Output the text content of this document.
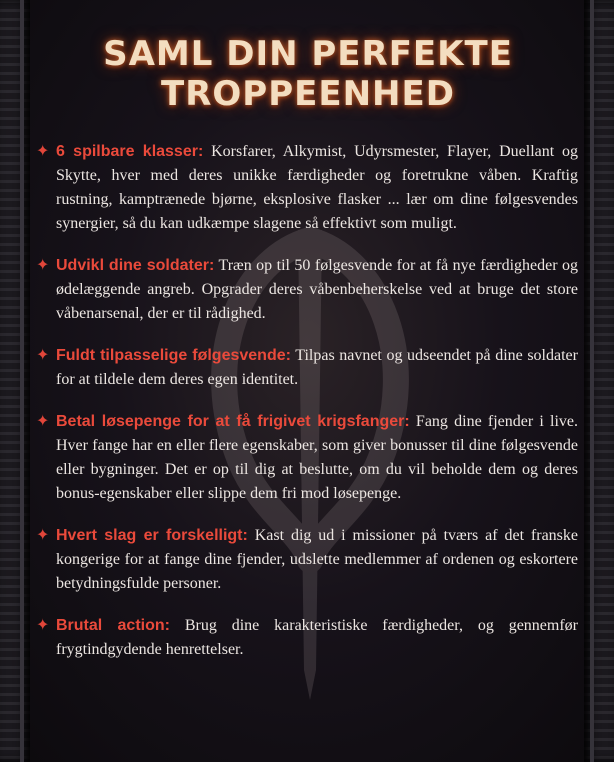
SAML DIN PERFEKTE TROPPEENHED
✦ 6 spilbare klasser: Korsfarer, Alkymist, Udyrsmester, Flayer, Duellant og Skytte, hver med deres unikke færdigheder og foretrukne våben. Kraftig rustning, kamptrænede bjørne, eksplosive flasker ... lær om dine følgesvendes synergier, så du kan udkæmpe slagene så effektivt som muligt.
✦ Udvikl dine soldater: Træn op til 50 følgesvende for at få nye færdigheder og ødelæggende angreb. Opgrader deres våbenbeherskelse ved at bruge det store våbenarsenal, der er til rådighed.
✦ Fuldt tilpasselige følgesvende: Tilpas navnet og udseendet på dine soldater for at tildele dem deres egen identitet.
✦ Betal løsepenge for at få frigivet krigsfanger: Fang dine fjender i live. Hver fange har en eller flere egenskaber, som giver bonusser til dine følgesvende eller bygninger. Det er op til dig at beslutte, om du vil beholde dem og deres bonus-egenskaber eller slippe dem fri mod løsepenge.
✦ Hvert slag er forskelligt: Kast dig ud i missioner på tværs af det franske kongerige for at fange dine fjender, udslette medlemmer af ordenen og eskortere betydningsfulde personer.
✦ Brutal action: Brug dine karakteristiske færdigheder, og gennemfør frygtindgydende henrettelser.
